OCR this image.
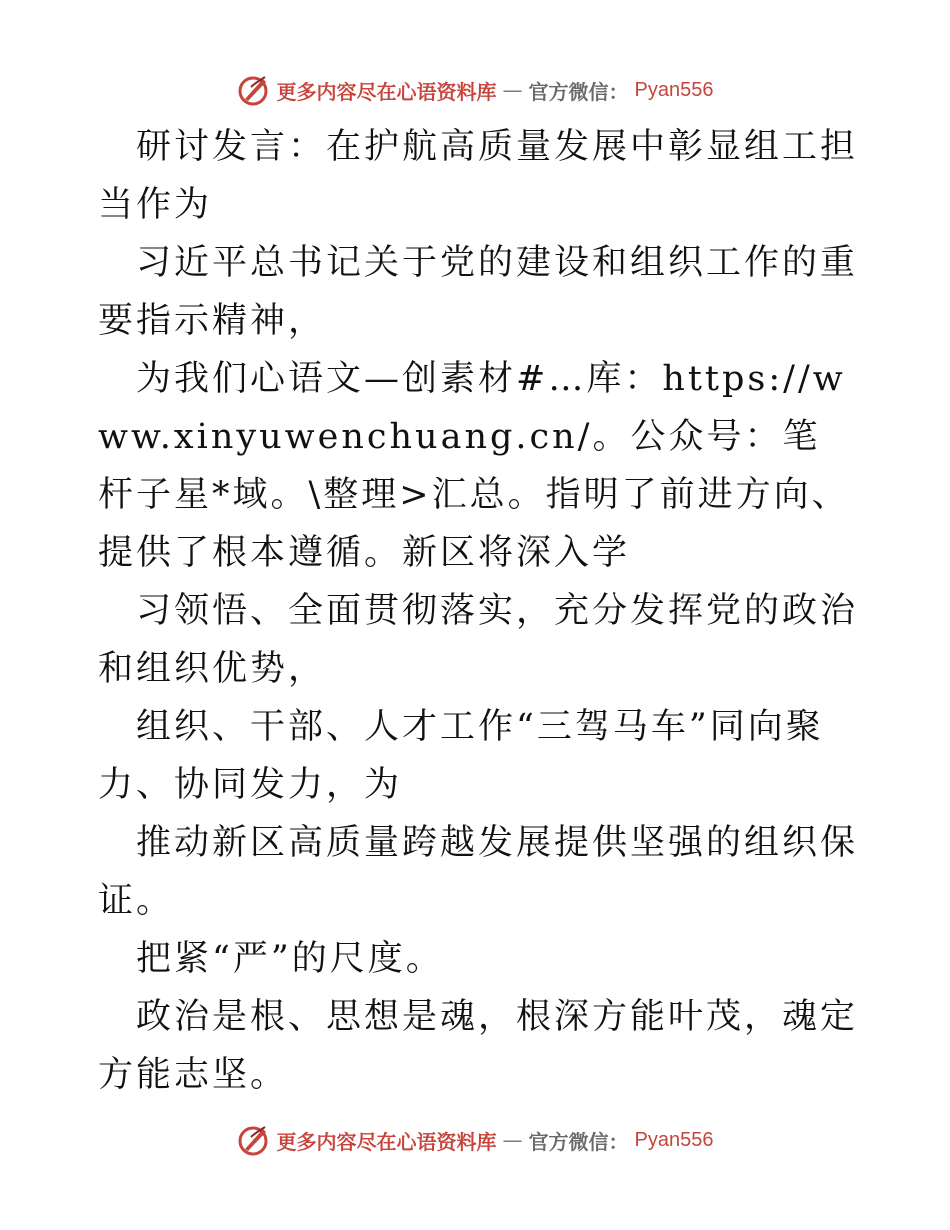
更多内容尽在心语资料库 — 官方微信： Pyan556

研讨发言：在护航高质量发展中彰显组工担当作为

习近平总书记关于党的建设和组织工作的重要指示精神，

为我们心语文—创素材#…库：https://www.xinyuwenchuang.cn/。公众号：笔杆子星*域。\整理>汇总。指明了前进方向、提供了根本遵循。新区将深入学

习领悟、全面贯彻落实，充分发挥党的政治和组织优势，

组织、干部、人才工作“三驾马车”同向聚力、协同发力，为

推动新区高质量跨越发展提供坚强的组织保证。

把紧“严”的尺度。

政治是根、思想是魂，根深方能叶茂，魂定方能志坚。

更多内容尽在心语资料库 — 官方微信： Pyan556
